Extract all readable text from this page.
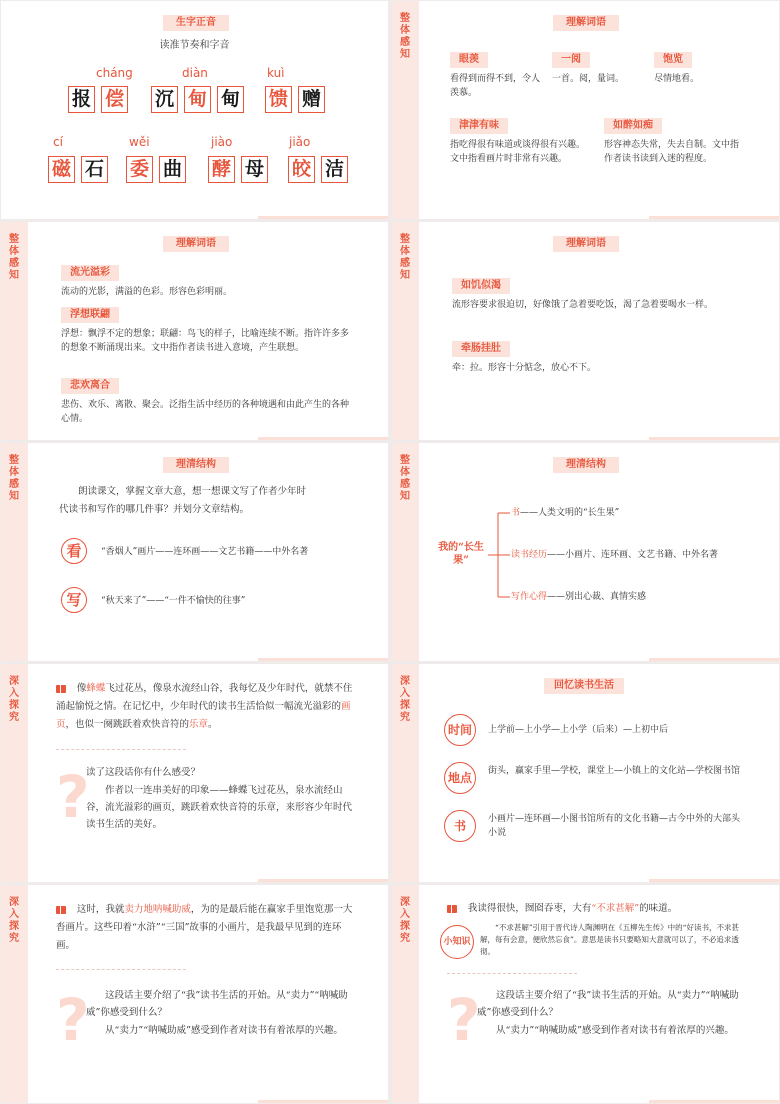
生字正音
读准节奏和字音
cháng	diàn	kuì
报 偿 沉 甸 甸 馈 赠
cí	wěi	jiào	jiǎo
磁 石 委 曲 酵 母 皎 洁
整体感知
理解词语
眼羡
看得到而得不到，令人羡慕。
一阅
一首。阅，量词。
饱览
尽情地看。
津津有味
指吃得很有味道或谈得很有兴趣。文中指看画片时非常有兴趣。
如醉如痴
形容神态失常，失去自制。文中指作者读书读到入迷的程度。
整体感知
理解词语
流光溢彩
流动的光影，满溢的色彩。形容色彩明丽。
浮想联翩
浮想：飘浮不定的想象；联翩：鸟飞的样子，比喻连续不断。指许许多多的想象不断涌现出来。文中指作者读书进入意境，产生联想。
悲欢离合
悲伤、欢乐、离散、聚会。泛指生活中经历的各种境遇和由此产生的各种心情。
整体感知
理解词语
如饥似渴
流形容要求很迫切，好像饿了急着要吃饭，渴了急着要喝水一样。
牵肠挂肚
牵：拉。形容十分惦念，放心不下。
整体感知
理清结构
朗读课文，掌握文章大意，想一想课文写了作者少年时代读书和写作的哪几件事？并划分文章结构。
看	“香烟人”画片——连环画——文艺书籍——中外名著
写	“秋天来了”——“一件不愉快的往事”
整体感知
理清结构
我的“长生果”
书——人类文明的“长生果”
读书经历——小画片、连环画、文艺书籍、中外名著
写作心得——别出心裁、真情实感
深入探究
像蜂蝶飞过花丛，像泉水流经山谷，我每忆及少年时代，就禁不住涌起愉悦之情。在记忆中，少年时代的读书生活恰似一幅流光溢彩的画页，也似一阕跳跃着欢快音符的乐章。
?
读了这段话你有什么感受？
作者以一连串美好的印象——蜂蝶飞过花丛，泉水流经山谷，流光溢彩的画页，跳跃着欢快音符的乐章，来形容少年时代读书生活的美好。
深入探究
回忆读书生活
时间	上学前—上小学—上小学（后来）—上初中后
地点	街头，赢家手里—学校，课堂上—小镇上的文化站—学校图书馆
书	小画片—连环画—小图书馆所有的文化书籍—古今中外的大部头小说
深入探究
这时，我就卖力地呐喊助威，为的是最后能在赢家手里饱览那一大沓画片。这些印着“水浒”“三国”故事的小画片，是我最早见到的连环画。
?	这段话主要介绍了“我”读书生活的开始。从“卖力”“呐喊助威”你感受到什么？
从“卖力”“呐喊助威”感受到作者对读书有着浓厚的兴趣。
深入探究
我读得很快，囫囵吞枣，大有“不求甚解”的味道。
小知识
“不求甚解”引用于晋代诗人陶渊明在《五柳先生传》中的“好读书，不求甚解，每有会意，便欣然忘食”。意思是读书只要略知大意就可以了，不必追求透彻。
?	这段话主要介绍了“我”读书生活的开始。从“卖力”“呐喊助威”你感受到什么？
从“卖力”“呐喊助威”感受到作者对读书有着浓厚的兴趣。
